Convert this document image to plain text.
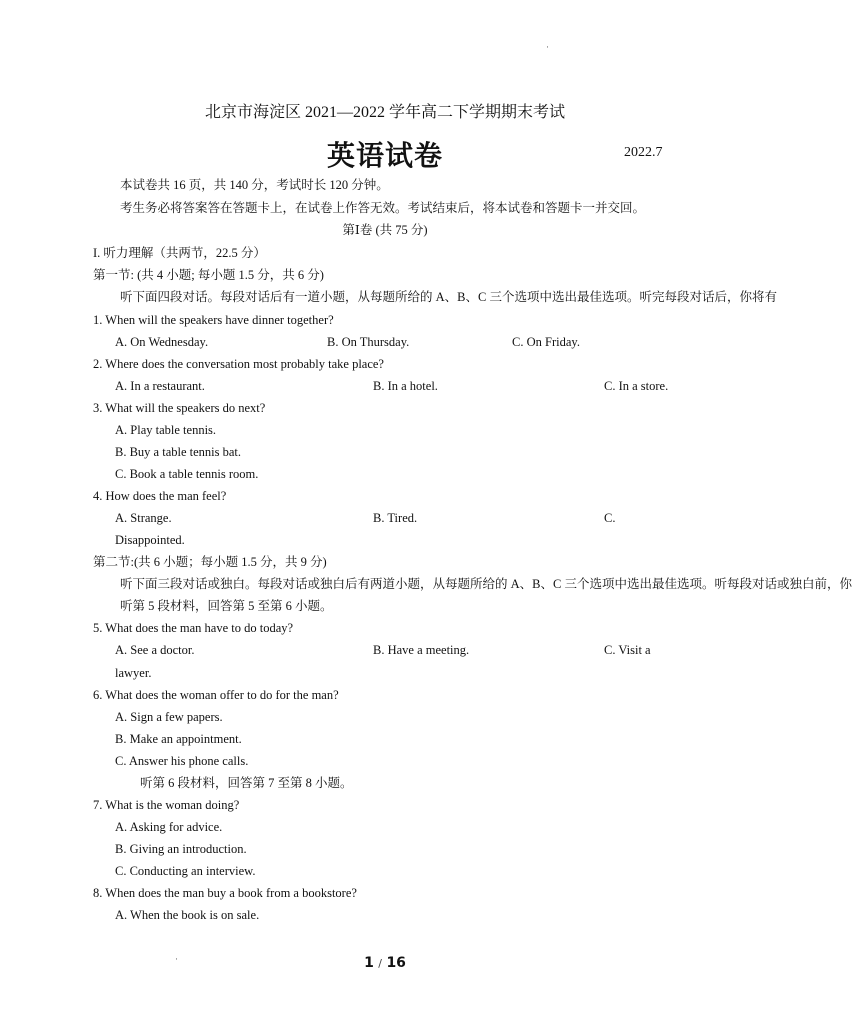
·
北京市海淀区 2021—2022 学年高二下学期期末考试
英语试卷	2022.7
本试卷共 16 页，共 140 分，考试时长 120 分钟。
考生务必将答案答在答题卡上，在试卷上作答无效。考试结束后，将本试卷和答题卡一并交回。
第Ⅰ卷 (共 75 分)
I. 听力理解（共两节，22.5 分）
第一节: (共 4 小题; 每小题 1.5 分，共 6 分)
听下面四段对话。每段对话后有一道小题，从每题所给的 A、B、C 三个选项中选出最佳选项。听完每段对话后，你将有
1. When will the speakers have dinner together?
A. On Wednesday.	B. On Thursday.	C. On Friday.
2. Where does the conversation most probably take place?
A. In a restaurant.	B. In a hotel.	C. In a store.
3. What will the speakers do next?
A. Play table tennis.
B. Buy a table tennis bat.
C. Book a table tennis room.
4. How does the man feel?
A. Strange.	B. Tired.	C.
Disappointed.
第二节:(共 6 小题；每小题 1.5 分，共 9 分)
听下面三段对话或独白。每段对话或独白后有两道小题，从每题所给的 A、B、C 三个选项中选出最佳选项。听每段对话或独白前，你
听第 5 段材料，回答第 5 至第 6 小题。
5. What does the man have to do today?
A. See a doctor.	B. Have a meeting.	C. Visit a
lawyer.
6. What does the woman offer to do for the man?
A. Sign a few papers.
B. Make an appointment.
C. Answer his phone calls.
听第 6 段材料，回答第 7 至第 8 小题。
7. What is the woman doing?
A. Asking for advice.
B. Giving an introduction.
C. Conducting an interview.
8. When does the man buy a book from a bookstore?
A. When the book is on sale.
·	1 / 16
